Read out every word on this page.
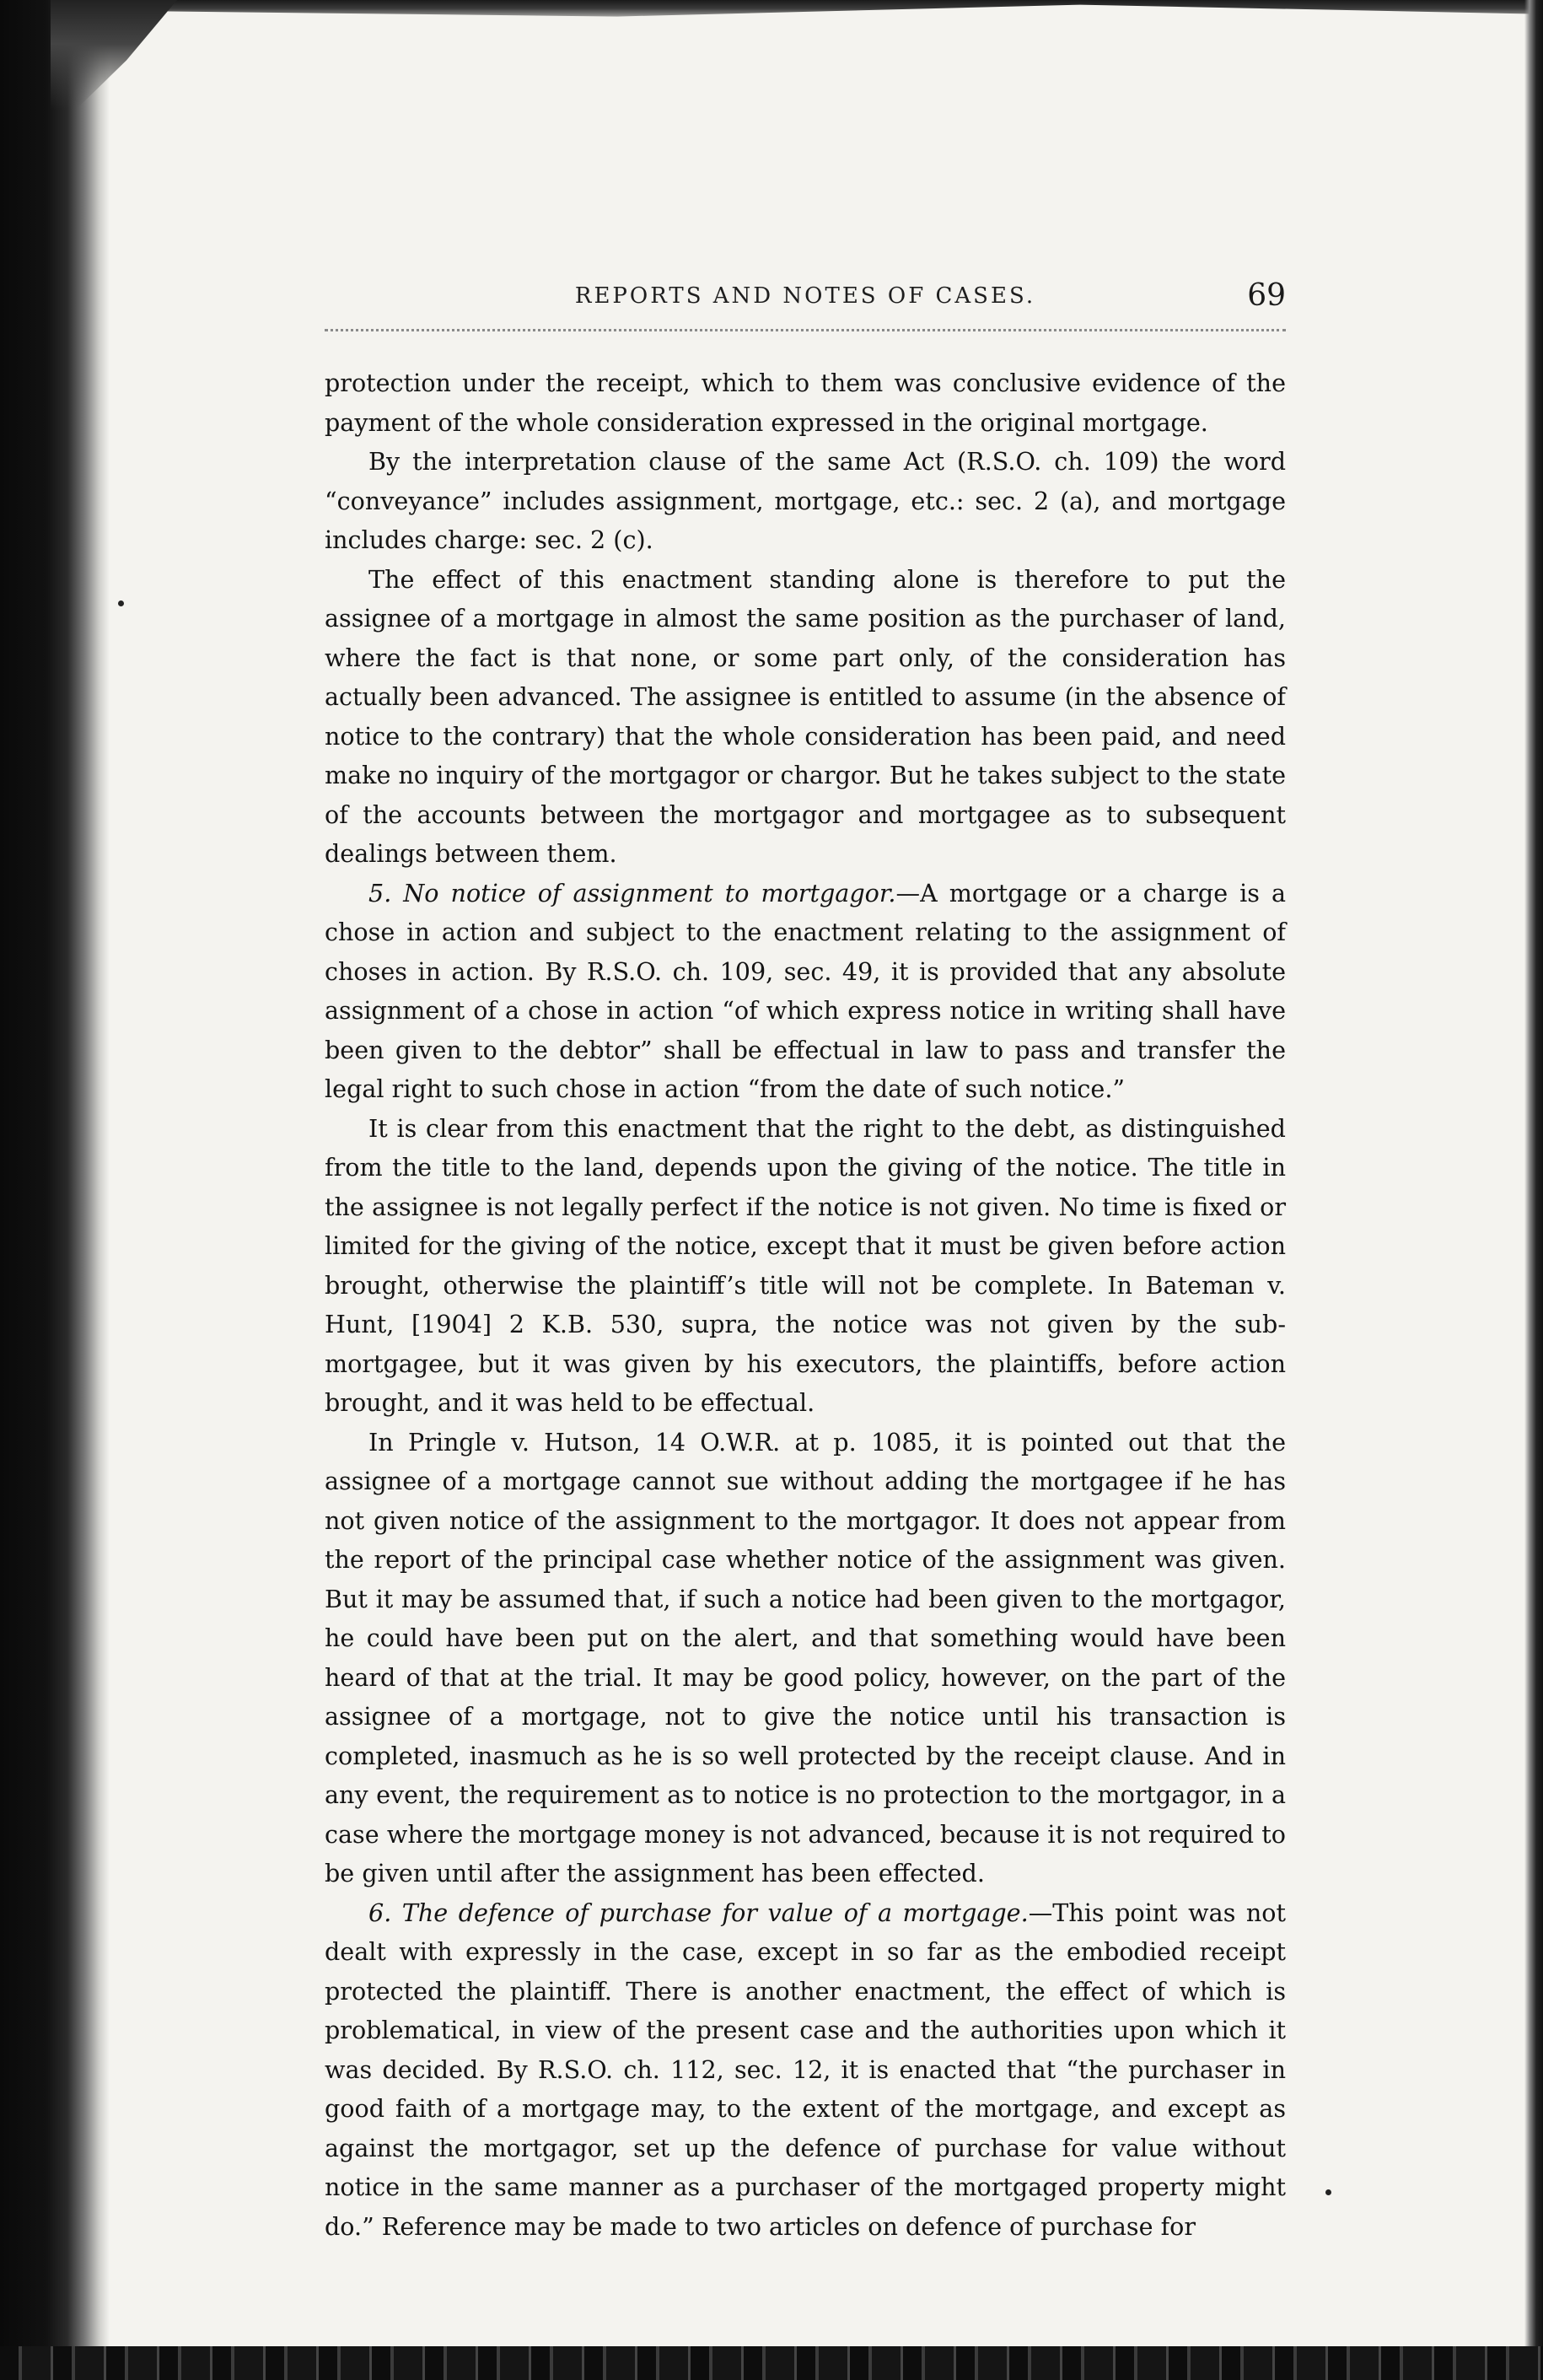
REPORTS AND NOTES OF CASES.	69

protection under the receipt, which to them was conclusive evidence of the payment of the whole consideration expressed in the original mortgage.

By the interpretation clause of the same Act (R.S.O. ch. 109) the word “conveyance” includes assignment, mortgage, etc.: sec. 2 (a), and mortgage includes charge: sec. 2 (c).

The effect of this enactment standing alone is therefore to put the assignee of a mortgage in almost the same position as the purchaser of land, where the fact is that none, or some part only, of the consideration has actually been advanced. The assignee is entitled to assume (in the absence of notice to the contrary) that the whole consideration has been paid, and need make no inquiry of the mortgagor or chargor. But he takes subject to the state of the accounts between the mortgagor and mortgagee as to subsequent dealings between them.

5. No notice of assignment to mortgagor.—A mortgage or a charge is a chose in action and subject to the enactment relating to the assignment of choses in action. By R.S.O. ch. 109, sec. 49, it is provided that any absolute assignment of a chose in action “of which express notice in writing shall have been given to the debtor” shall be effectual in law to pass and transfer the legal right to such chose in action “from the date of such notice.”

It is clear from this enactment that the right to the debt, as distinguished from the title to the land, depends upon the giving of the notice. The title in the assignee is not legally perfect if the notice is not given. No time is fixed or limited for the giving of the notice, except that it must be given before action brought, otherwise the plaintiff’s title will not be complete. In Bateman v. Hunt, [1904] 2 K.B. 530, supra, the notice was not given by the sub-mortgagee, but it was given by his executors, the plaintiffs, before action brought, and it was held to be effectual.

In Pringle v. Hutson, 14 O.W.R. at p. 1085, it is pointed out that the assignee of a mortgage cannot sue without adding the mortgagee if he has not given notice of the assignment to the mortgagor. It does not appear from the report of the principal case whether notice of the assignment was given. But it may be assumed that, if such a notice had been given to the mortgagor, he could have been put on the alert, and that something would have been heard of that at the trial. It may be good policy, however, on the part of the assignee of a mortgage, not to give the notice until his transaction is completed, inasmuch as he is so well protected by the receipt clause. And in any event, the requirement as to notice is no protection to the mortgagor, in a case where the mortgage money is not advanced, because it is not required to be given until after the assignment has been effected.

6. The defence of purchase for value of a mortgage.—This point was not dealt with expressly in the case, except in so far as the embodied receipt protected the plaintiff. There is another enactment, the effect of which is problematical, in view of the present case and the authorities upon which it was decided. By R.S.O. ch. 112, sec. 12, it is enacted that “the purchaser in good faith of a mortgage may, to the extent of the mortgage, and except as against the mortgagor, set up the defence of purchase for value without notice in the same manner as a purchaser of the mortgaged property might do.” Reference may be made to two articles on defence of purchase for
